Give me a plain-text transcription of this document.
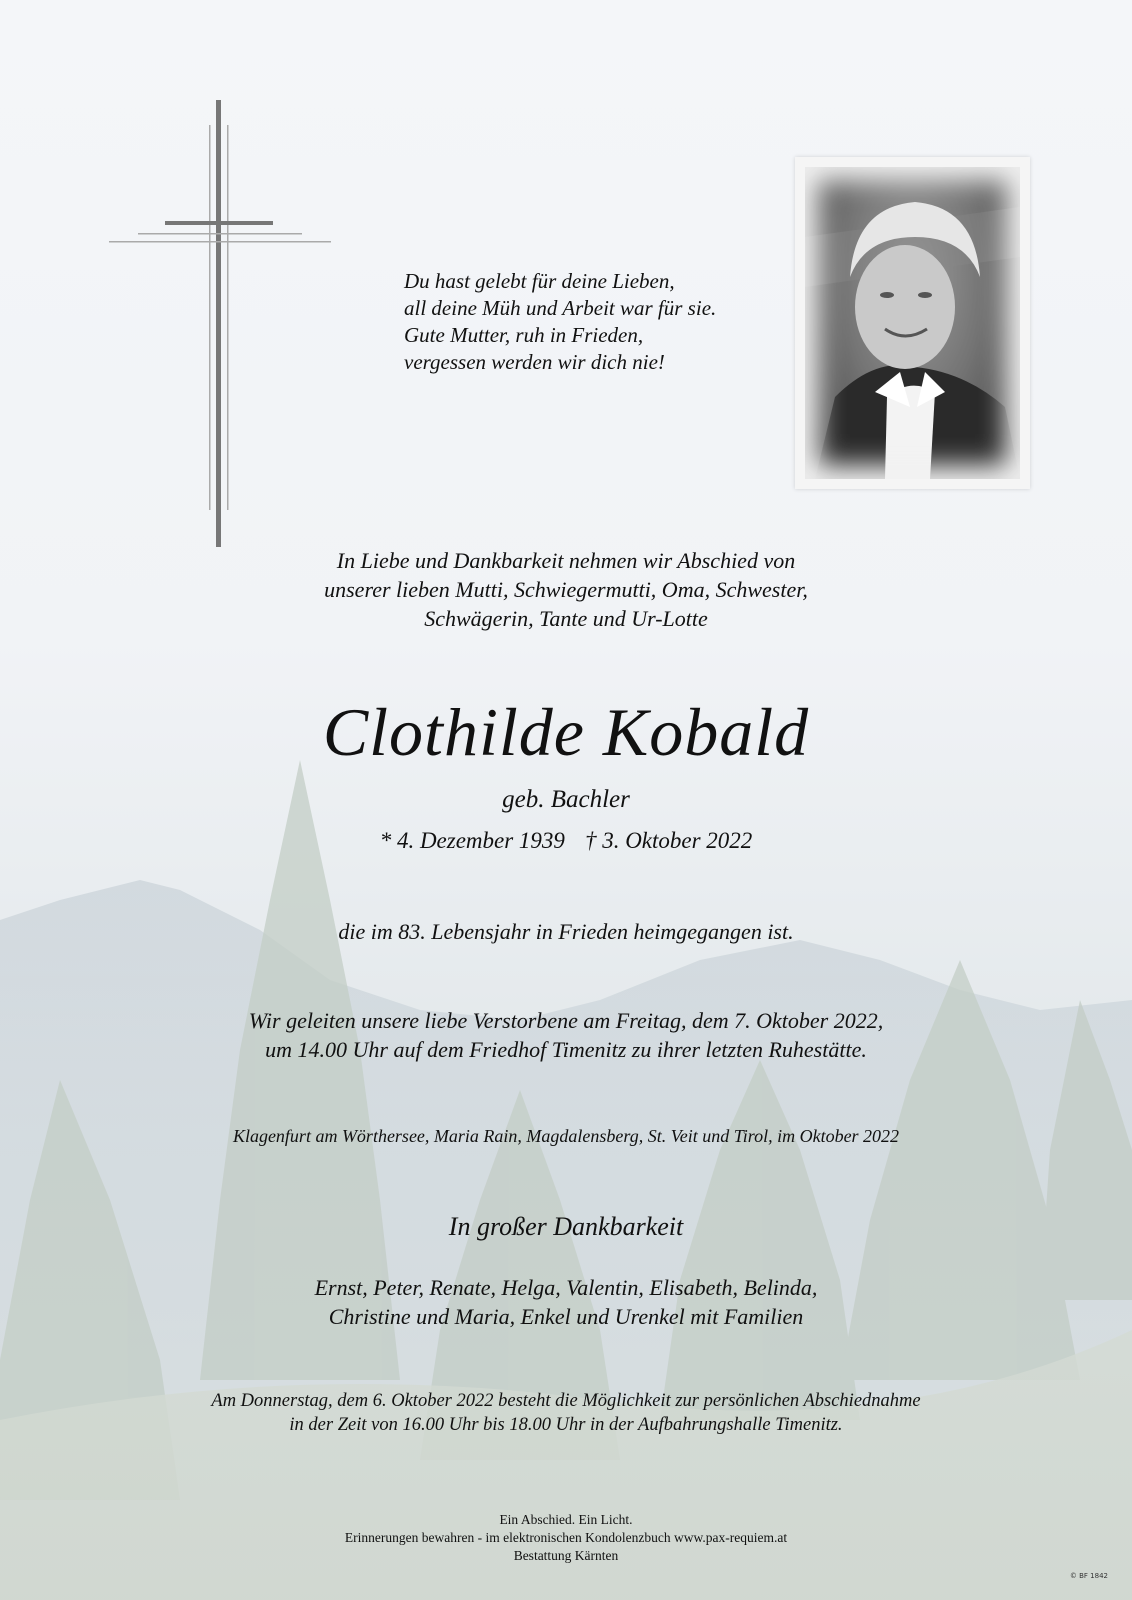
Du hast gelebt für deine Lieben,
all deine Müh und Arbeit war für sie.
Gute Mutter, ruh in Frieden,
vergessen werden wir dich nie!
In Liebe und Dankbarkeit nehmen wir Abschied von
unserer lieben Mutti, Schwiegermutti, Oma, Schwester,
Schwägerin, Tante und Ur-Lotte
Clothilde Kobald
geb. Bachler
* 4. Dezember 1939 † 3. Oktober 2022
die im 83. Lebensjahr in Frieden heimgegangen ist.
Wir geleiten unsere liebe Verstorbene am Freitag, dem 7. Oktober 2022,
um 14.00 Uhr auf dem Friedhof Timenitz zu ihrer letzten Ruhestätte.
Klagenfurt am Wörthersee, Maria Rain, Magdalensberg, St. Veit und Tirol, im Oktober 2022
In großer Dankbarkeit
Ernst, Peter, Renate, Helga, Valentin, Elisabeth, Belinda,
Christine und Maria, Enkel und Urenkel mit Familien
Am Donnerstag, dem 6. Oktober 2022 besteht die Möglichkeit zur persönlichen Abschiednahme
in der Zeit von 16.00 Uhr bis 18.00 Uhr in der Aufbahrungshalle Timenitz.
Ein Abschied. Ein Licht.
Erinnerungen bewahren - im elektronischen Kondolenzbuch www.pax-requiem.at
Bestattung Kärnten
© BF 1842
